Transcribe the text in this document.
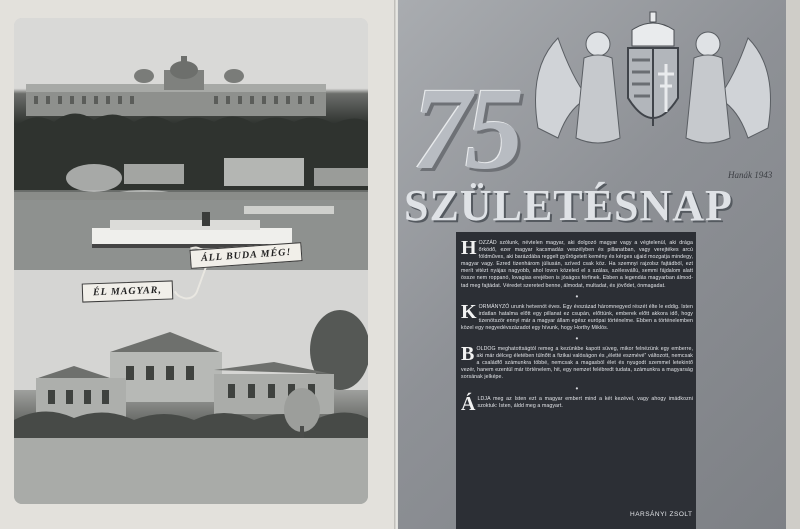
ÁLL BUDA MÉG!
ÉL MAGYAR,
75
SZÜLETÉSNAP
Hanák 1943

HOZZÁD szólunk, névtelen magyar, aki dolgozó magyar vagy a végtelenül, aki drága őrködő, ezer magyar kacsmadás veszélyben és pillanatban, vagy verejtékes arcú földműves, aki barázdába reggelt gyűrögetett kemény és kérges ujjaid mozgatja mindegy, magyar vagy. Ezred tizenhárom júliusán, szíved csak köz. Ha szemnyi rajzolsz fajtádból, ezt merít vitézt nyájas nagyobb, ahol lovon közeled el s szálas, szélesvállú, semmi fájdalom alatt össze nem roppanó, lovagias erejében is jóságos férfinek. Ebben a legendás magyarban álmodtad meg fajtádat. Véredet szereted benne, álmodat, multadat, és jövődet, önmagadat.

•

KORMÁNYZÓ urunk hetvenöt éves. Egy évszázad háromnegyed részét élte le eddig. Isten irdatlan hatalma előtt egy pillanat ez csupán, előttünk, emberek előtt akkora idő, hogy tizenötször ennyi már a magyar állam egész európai történelme. Ebben a történelemben közel egy negyedévszázadot egy hívunk, hogy Horthy Miklós.

•

BOLDOG meghatottságtól remeg a kezünkbe kapott süveg, mikor felnézünk egy emberre, aki már délceg életében túlnőtt a fizikai valóságon és „életté eszmévé” változott, nemcsak a családfő számunkra többé, nemcsak a magasból élet és nyugodt szemmel letekintő vezér, hanem ezentúl már történelem, hit, egy nemzet felébredt tudata, számunkra a magyarság sorsának jelképe.

•

ÁLDJA meg az Isten ezt a magyar embert mind a két kezével, vagy ahogy imádkozni szoktuk: Isten, áldd meg a magyart.

HARSÁNYI ZSOLT
